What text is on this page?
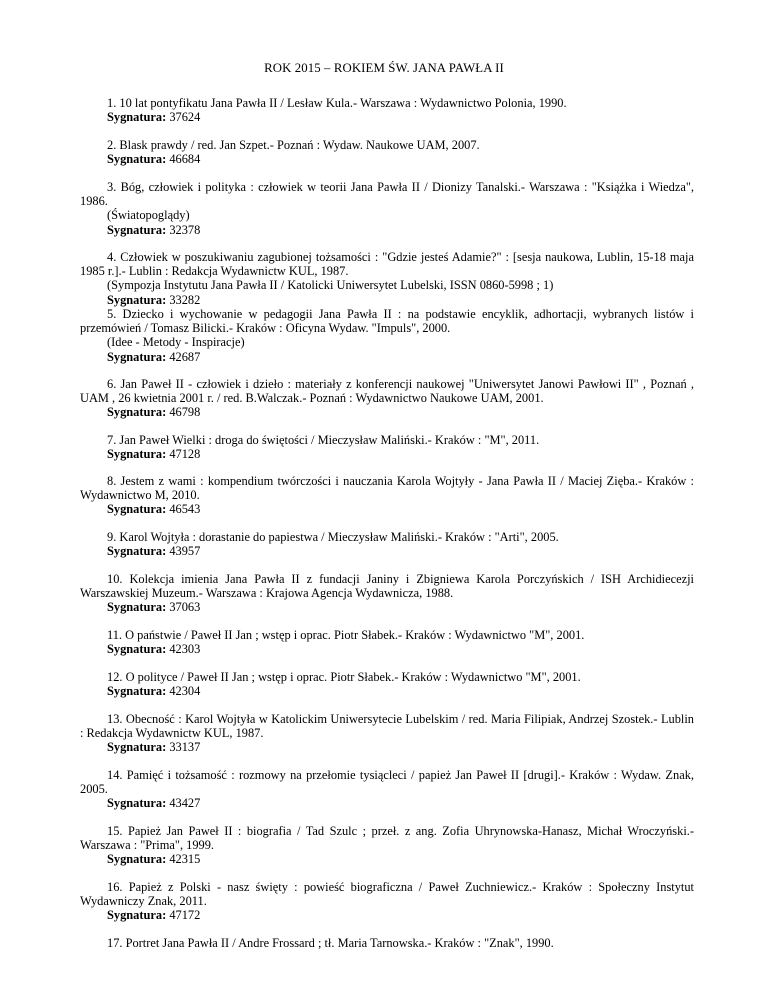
ROK 2015 – ROKIEM ŚW. JANA PAWŁA II

1. 10 lat pontyfikatu Jana Pawła II / Lesław Kula.- Warszawa : Wydawnictwo Polonia, 1990.

Sygnatura: 37624

2. Blask prawdy / red. Jan Szpet.- Poznań : Wydaw. Naukowe UAM, 2007.

Sygnatura: 46684

3. Bóg, człowiek i polityka : człowiek w teorii Jana Pawła II / Dionizy Tanalski.- Warszawa : "Książka i Wiedza", 1986.

(Światopoglądy)

Sygnatura: 32378

4. Człowiek w poszukiwaniu zagubionej tożsamości : "Gdzie jesteś Adamie?" : [sesja naukowa, Lublin, 15-18 maja 1985 r.].- Lublin : Redakcja Wydawnictw KUL, 1987.

(Sympozja Instytutu Jana Pawła II / Katolicki Uniwersytet Lubelski, ISSN 0860-5998 ; 1)

Sygnatura: 33282

5. Dziecko i wychowanie w pedagogii Jana Pawła II : na podstawie encyklik, adhortacji, wybranych listów i przemówień / Tomasz Bilicki.- Kraków : Oficyna Wydaw. "Impuls", 2000.

(Idee - Metody - Inspiracje)

Sygnatura: 42687

6. Jan Paweł II - człowiek i dzieło : materiały z konferencji naukowej "Uniwersytet Janowi Pawłowi II" , Poznań , UAM , 26 kwietnia 2001 r. / red. B.Walczak.- Poznań : Wydawnictwo Naukowe UAM, 2001.

Sygnatura: 46798

7. Jan Paweł Wielki : droga do świętości / Mieczysław Maliński.- Kraków : "M", 2011.

Sygnatura: 47128

8. Jestem z wami : kompendium twórczości i nauczania Karola Wojtyły - Jana Pawła II / Maciej Zięba.- Kraków : Wydawnictwo M, 2010.

Sygnatura: 46543

9. Karol Wojtyła : dorastanie do papiestwa / Mieczysław Maliński.- Kraków : "Arti", 2005.

Sygnatura: 43957

10. Kolekcja imienia Jana Pawła II z fundacji Janiny i Zbigniewa Karola Porczyńskich / ISH Archidiecezji Warszawskiej Muzeum.- Warszawa : Krajowa Agencja Wydawnicza, 1988.

Sygnatura: 37063

11. O państwie / Paweł II Jan ; wstęp i oprac. Piotr Słabek.- Kraków : Wydawnictwo "M", 2001.

Sygnatura: 42303

12. O polityce / Paweł II Jan ; wstęp i oprac. Piotr Słabek.- Kraków : Wydawnictwo "M", 2001.

Sygnatura: 42304

13. Obecność : Karol Wojtyła w Katolickim Uniwersytecie Lubelskim / red. Maria Filipiak, Andrzej Szostek.- Lublin : Redakcja Wydawnictw KUL, 1987.

Sygnatura: 33137

14. Pamięć i tożsamość : rozmowy na przełomie tysiącleci / papież Jan Paweł II [drugi].- Kraków : Wydaw. Znak, 2005.

Sygnatura: 43427

15. Papież Jan Paweł II : biografia / Tad Szulc ; przeł. z ang. Zofia Uhrynowska-Hanasz, Michał Wroczyński.- Warszawa : "Prima", 1999.

Sygnatura: 42315

16. Papież z Polski - nasz święty : powieść biograficzna / Paweł Zuchniewicz.- Kraków : Społeczny Instytut Wydawniczy Znak, 2011.

Sygnatura: 47172

17. Portret Jana Pawła II / Andre Frossard ; tł. Maria Tarnowska.- Kraków : "Znak", 1990.
